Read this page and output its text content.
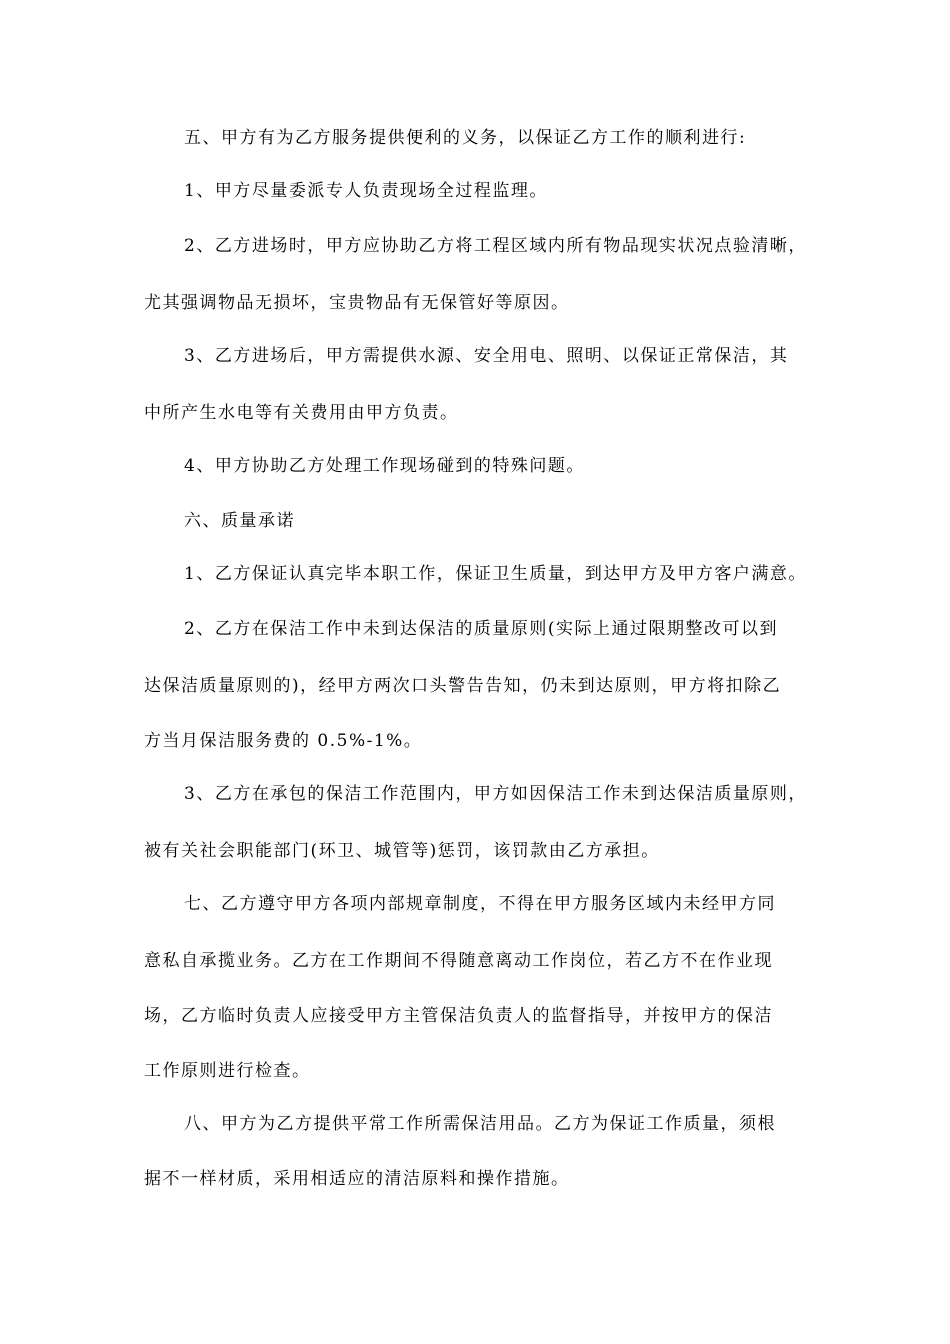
五、甲方有为乙方服务提供便利的义务，以保证乙方工作的顺利进行:
1、甲方尽量委派专人负责现场全过程监理。
2、乙方进场时，甲方应协助乙方将工程区域内所有物品现实状况点验清晰，
尤其强调物品无损坏，宝贵物品有无保管好等原因。
3、乙方进场后，甲方需提供水源、安全用电、照明、以保证正常保洁，其
中所产生水电等有关费用由甲方负责。
4、甲方协助乙方处理工作现场碰到的特殊问题。
六、质量承诺
1、乙方保证认真完毕本职工作，保证卫生质量，到达甲方及甲方客户满意。
2、乙方在保洁工作中未到达保洁的质量原则(实际上通过限期整改可以到
达保洁质量原则的)，经甲方两次口头警告告知，仍未到达原则，甲方将扣除乙
方当月保洁服务费的 0.5%-1%。
3、乙方在承包的保洁工作范围内，甲方如因保洁工作未到达保洁质量原则，
被有关社会职能部门(环卫、城管等)惩罚，该罚款由乙方承担。
七、乙方遵守甲方各项内部规章制度，不得在甲方服务区域内未经甲方同
意私自承揽业务。乙方在工作期间不得随意离动工作岗位，若乙方不在作业现
场，乙方临时负责人应接受甲方主管保洁负责人的监督指导，并按甲方的保洁
工作原则进行检查。
八、甲方为乙方提供平常工作所需保洁用品。乙方为保证工作质量，须根
据不一样材质，采用相适应的清洁原料和操作措施。
